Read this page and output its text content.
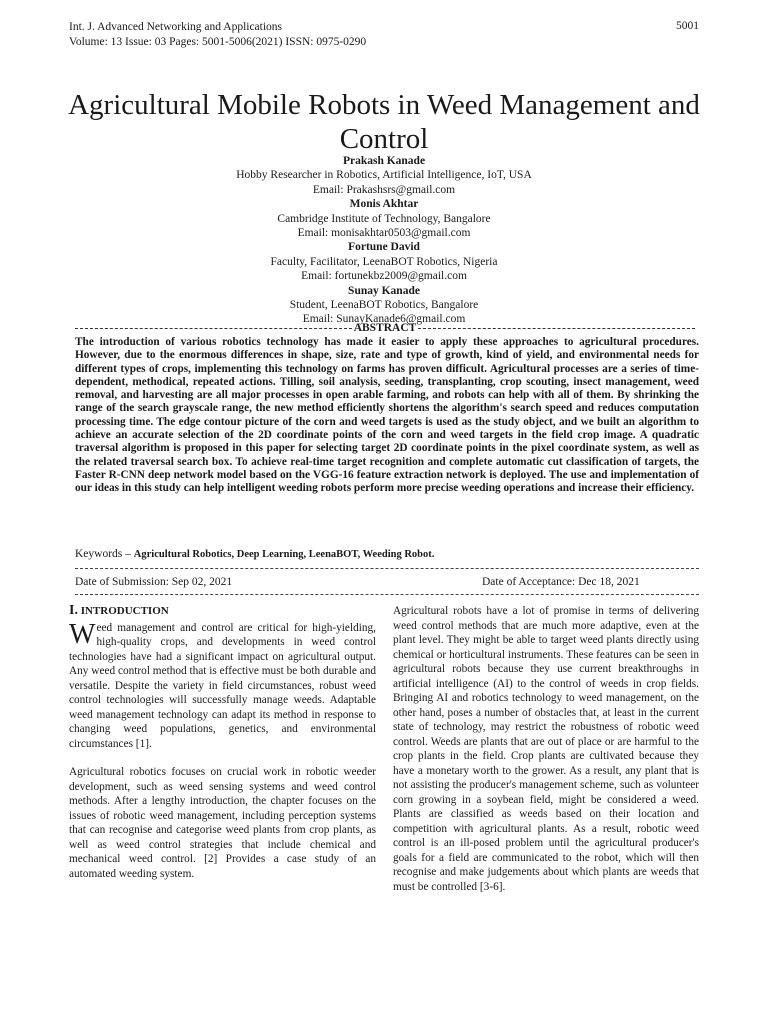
Int. J. Advanced Networking and Applications
Volume: 13 Issue: 03 Pages: 5001-5006(2021) ISSN: 0975-0290
5001
Agricultural Mobile Robots in Weed Management and Control
Prakash Kanade
Hobby Researcher in Robotics, Artificial Intelligence, IoT, USA
Email: Prakashsrs@gmail.com
Monis Akhtar
Cambridge Institute of Technology, Bangalore
Email: monisakhtar0503@gmail.com
Fortune David
Faculty, Facilitator, LeenaBOT Robotics, Nigeria
Email: fortunekbz2009@gmail.com
Sunay Kanade
Student, LeenaBOT Robotics, Bangalore
Email: SunayKanade6@gmail.com
ABSTRACT
The introduction of various robotics technology has made it easier to apply these approaches to agricultural procedures. However, due to the enormous differences in shape, size, rate and type of growth, kind of yield, and environmental needs for different types of crops, implementing this technology on farms has proven difficult. Agricultural processes are a series of time-dependent, methodical, repeated actions. Tilling, soil analysis, seeding, transplanting, crop scouting, insect management, weed removal, and harvesting are all major processes in open arable farming, and robots can help with all of them. By shrinking the range of the search grayscale range, the new method efficiently shortens the algorithm's search speed and reduces computation processing time. The edge contour picture of the corn and weed targets is used as the study object, and we built an algorithm to achieve an accurate selection of the 2D coordinate points of the corn and weed targets in the field crop image. A quadratic traversal algorithm is proposed in this paper for selecting target 2D coordinate points in the pixel coordinate system, as well as the related traversal search box. To achieve real-time target recognition and complete automatic cut classification of targets, the Faster R-CNN deep network model based on the VGG-16 feature extraction network is deployed. The use and implementation of our ideas in this study can help intelligent weeding robots perform more precise weeding operations and increase their efficiency.
Keywords – Agricultural Robotics, Deep Learning, LeenaBOT, Weeding Robot.
Date of Submission: Sep 02, 2021	Date of Acceptance: Dec 18, 2021
I. INTRODUCTION

Weed management and control are critical for high-yielding, high-quality crops, and developments in weed control technologies have had a significant impact on agricultural output. Any weed control method that is effective must be both durable and versatile. Despite the variety in field circumstances, robust weed control technologies will successfully manage weeds. Adaptable weed management technology can adapt its method in response to changing weed populations, genetics, and environmental circumstances [1].

Agricultural robotics focuses on crucial work in robotic weeder development, such as weed sensing systems and weed control methods. After a lengthy introduction, the chapter focuses on the issues of robotic weed management, including perception systems that can recognise and categorise weed plants from crop plants, as well as weed control strategies that include chemical and mechanical weed control. [2] Provides a case study of an automated weeding system.

Agricultural robots have a lot of promise in terms of delivering weed control methods that are much more adaptive, even at the plant level. They might be able to target weed plants directly using chemical or horticultural instruments. These features can be seen in agricultural robots because they use current breakthroughs in artificial intelligence (AI) to the control of weeds in crop fields. Bringing AI and robotics technology to weed management, on the other hand, poses a number of obstacles that, at least in the current state of technology, may restrict the robustness of robotic weed control. Weeds are plants that are out of place or are harmful to the crop plants in the field. Crop plants are cultivated because they have a monetary worth to the grower. As a result, any plant that is not assisting the producer's management scheme, such as volunteer corn growing in a soybean field, might be considered a weed. Plants are classified as weeds based on their location and competition with agricultural plants. As a result, robotic weed control is an ill-posed problem until the agricultural producer's goals for a field are communicated to the robot, which will then recognise and make judgements about which plants are weeds that must be controlled [3-6].
